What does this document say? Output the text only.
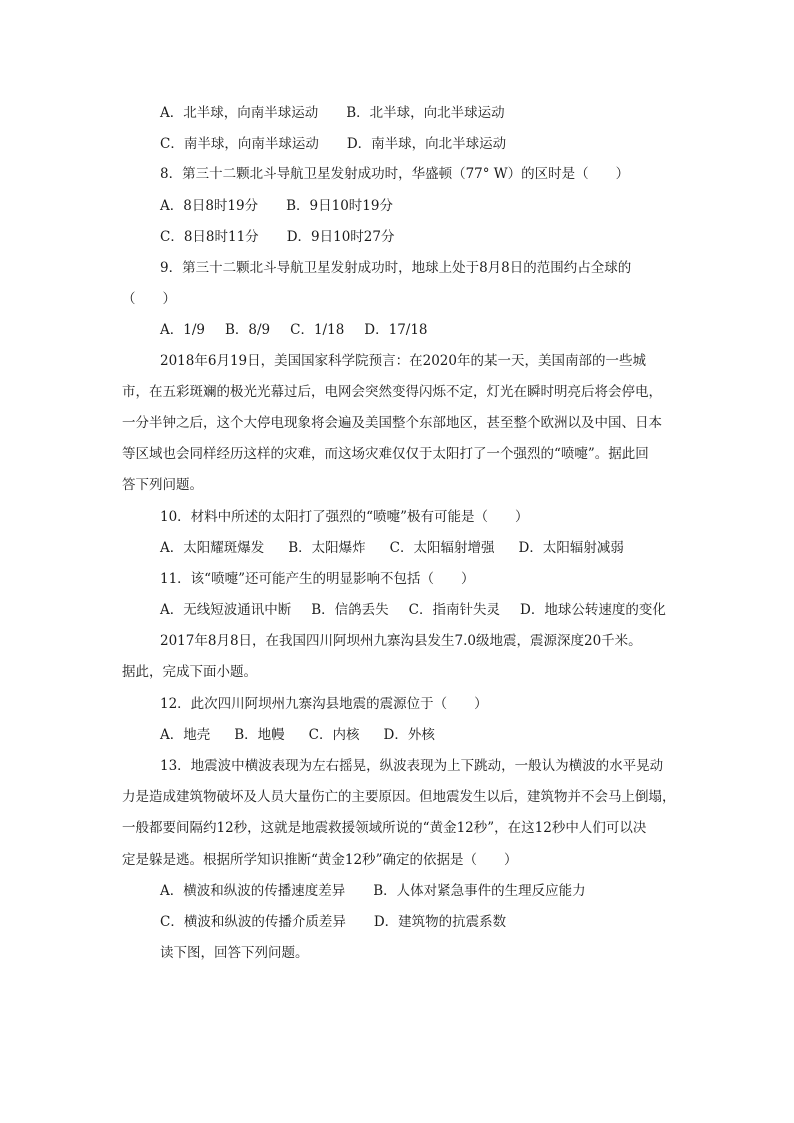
A．北半球，向南半球运动 B．北半球，向北半球运动
C．南半球，向南半球运动 D．南半球，向北半球运动
8．第三十二颗北斗导航卫星发射成功时，华盛顿（77° W）的区时是（　　）
A．8日8时19分 B．9日10时19分
C．8日8时11分 D．9日10时27分
9．第三十二颗北斗导航卫星发射成功时，地球上处于8月8日的范围约占全球的
（　　）
A．1/9 B．8/9 C．1/18 D．17/18
2018年6月19日，美国国家科学院预言：在2020年的某一天，美国南部的一些城
市，在五彩斑斓的极光光幕过后，电网会突然变得闪烁不定，灯光在瞬时明亮后将会停电，
一分半钟之后，这个大停电现象将会遍及美国整个东部地区，甚至整个欧洲以及中国、日本
等区域也会同样经历这样的灾难，而这场灾难仅仅于太阳打了一个强烈的“喷嚏”。据此回
答下列问题。
10．材料中所述的太阳打了强烈的“喷嚏”极有可能是（　　）
A．太阳耀斑爆发 B．太阳爆炸 C．太阳辐射增强 D．太阳辐射减弱
11．该“喷嚏”还可能产生的明显影响不包括（　　）
A．无线短波通讯中断 B．信鸽丢失 C．指南针失灵 D．地球公转速度的变化
2017年8月8日，在我国四川阿坝州九寨沟县发生7.0级地震，震源深度20千米。
据此，完成下面小题。
12．此次四川阿坝州九寨沟县地震的震源位于（　　）
A．地壳 B．地幔 C．内核 D．外核
13．地震波中横波表现为左右摇晃，纵波表现为上下跳动，一般认为横波的水平晃动
力是造成建筑物破坏及人员大量伤亡的主要原因。但地震发生以后，建筑物并不会马上倒塌，
一般都要间隔约12秒，这就是地震救援领域所说的“黄金12秒”，在这12秒中人们可以决
定是躲是逃。根据所学知识推断“黄金12秒”确定的依据是（　　）
A．横波和纵波的传播速度差异 B．人体对紧急事件的生理反应能力
C．横波和纵波的传播介质差异 D．建筑物的抗震系数
读下图，回答下列问题。
